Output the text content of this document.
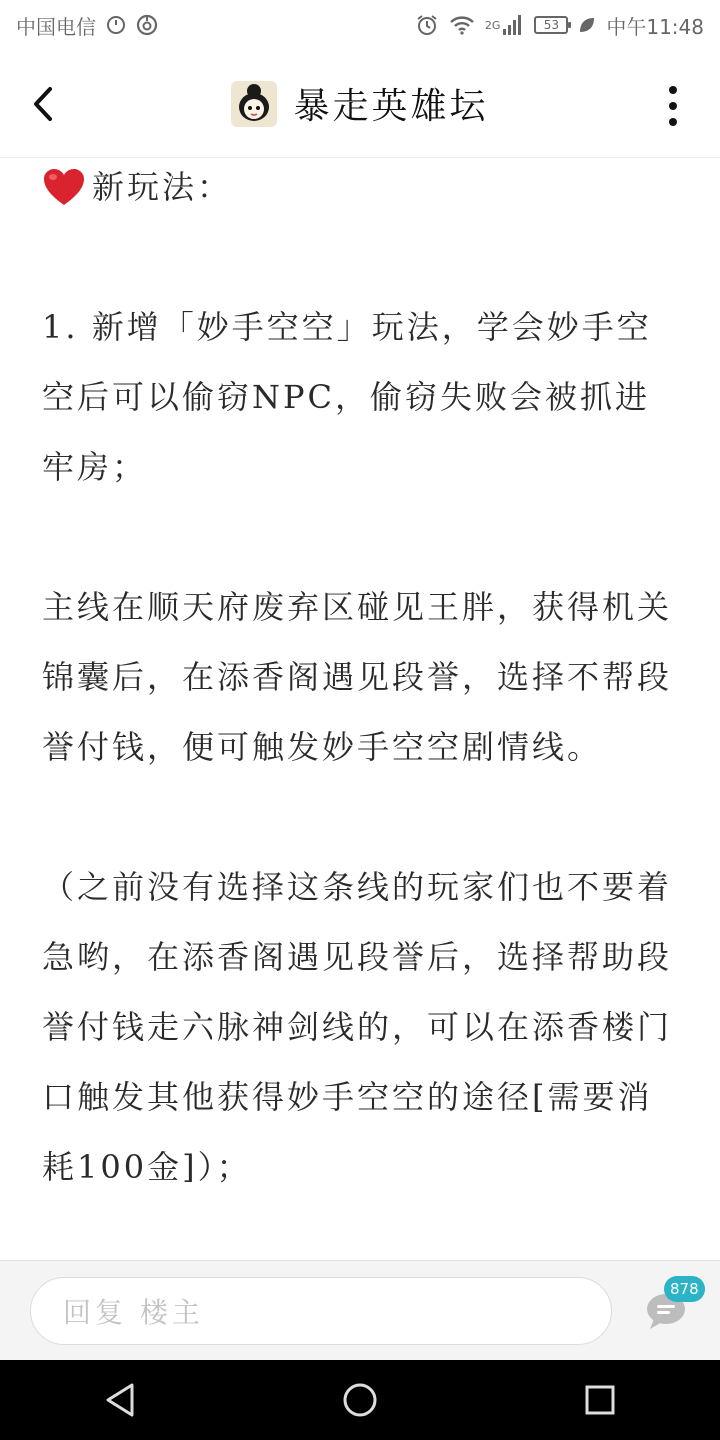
中国电信	2G	53 中午11:48
暴走英雄坛

新玩法：

1. 新增「妙手空空」玩法，学会妙手空空后可以偷窃NPC，偷窃失败会被抓进牢房；

主线在顺天府废弃区碰见王胖，获得机关锦囊后，在添香阁遇见段誉，选择不帮段誉付钱，便可触发妙手空空剧情线。

（之前没有选择这条线的玩家们也不要着急哟，在添香阁遇见段誉后，选择帮助段誉付钱走六脉神剑线的，可以在添香楼门口触发其他获得妙手空空的途径[需要消耗100金]）；

回复 楼主
878
